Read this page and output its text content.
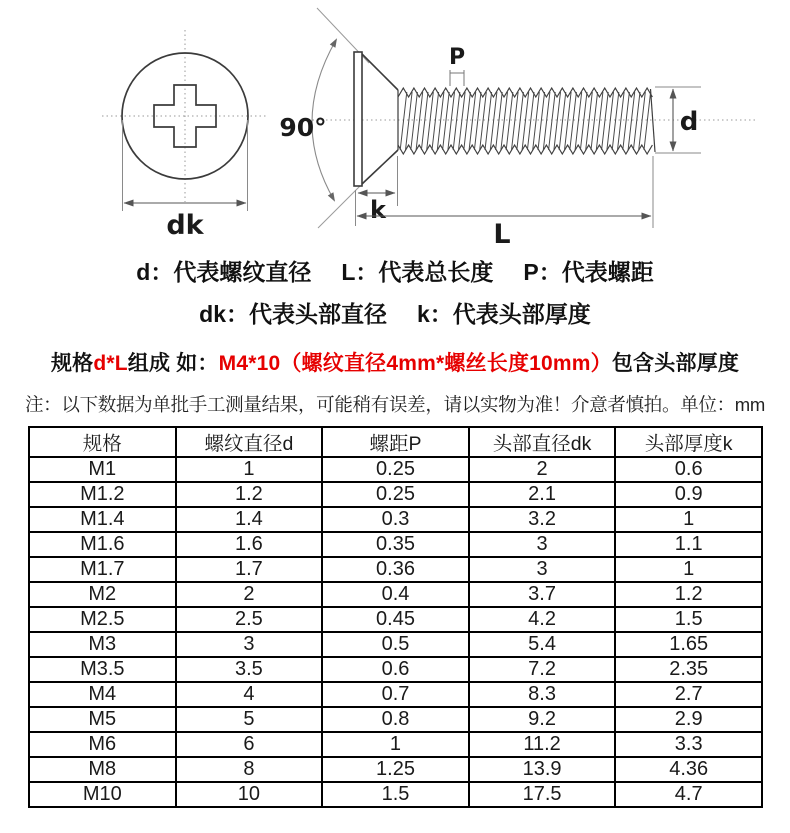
dk
90°
P
d
k
L
d：代表螺纹直径 L：代表总长度 P：代表螺距
dk：代表头部直径 k：代表头部厚度
规格d*L组成 如：M4*10（螺纹直径4mm*螺丝长度10mm）包含头部厚度
注：以下数据为单批手工测量结果，可能稍有误差，请以实物为准！介意者慎拍。单位：mm
规格	螺纹直径d	螺距P	头部直径dk	头部厚度k
M1	1	0.25	2	0.6
M1.2	1.2	0.25	2.1	0.9
M1.4	1.4	0.3	3.2	1
M1.6	1.6	0.35	3	1.1
M1.7	1.7	0.36	3	1
M2	2	0.4	3.7	1.2
M2.5	2.5	0.45	4.2	1.5
M3	3	0.5	5.4	1.65
M3.5	3.5	0.6	7.2	2.35
M4	4	0.7	8.3	2.7
M5	5	0.8	9.2	2.9
M6	6	1	11.2	3.3
M8	8	1.25	13.9	4.36
M10	10	1.5	17.5	4.7
